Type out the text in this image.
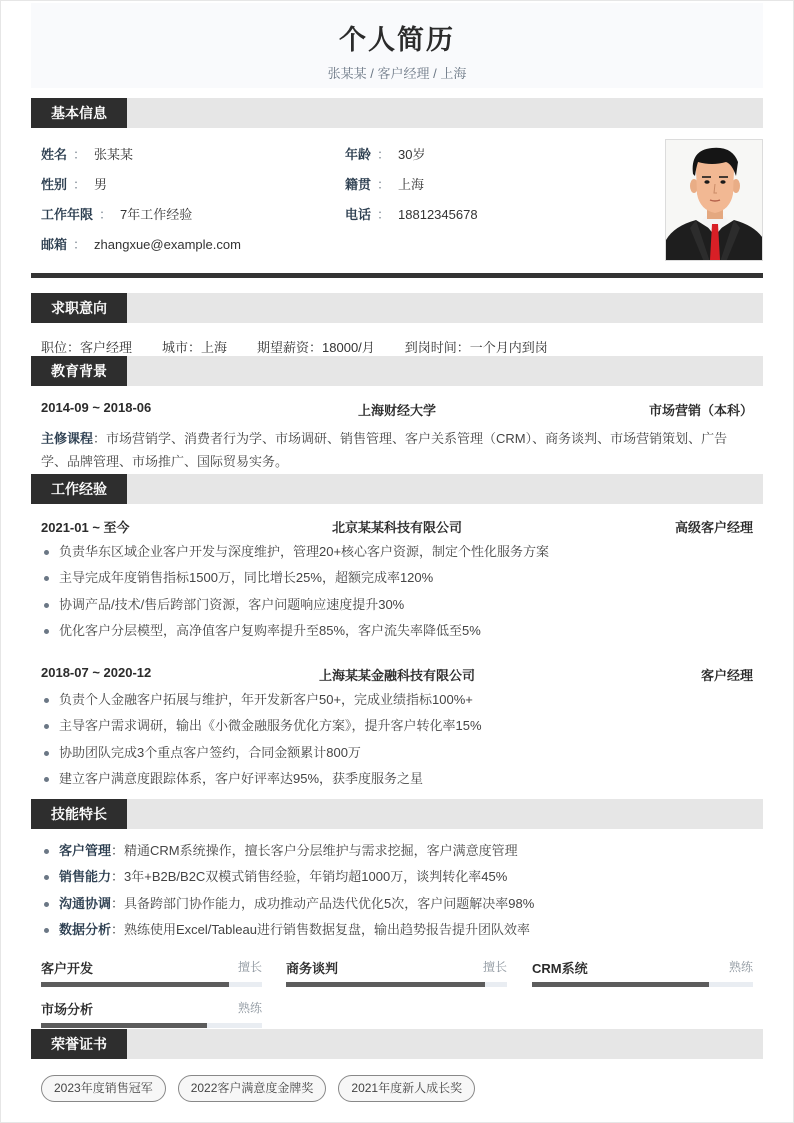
个人简历
张某某 / 客户经理 / 上海
基本信息
姓名 ： 张某某	年龄 ： 30岁
性别 ： 男	籍贯 ： 上海
工作年限 ： 7年工作经验	电话 ： 18812345678
邮箱 ： zhangxue@example.com
求职意向
职位：客户经理 城市：上海 期望薪资：18000/月 到岗时间：一个月内到岗
教育背景
2014-09 ~ 2018-06	上海财经大学	市场营销（本科）
主修课程：市场营销学、消费者行为学、市场调研、销售管理、客户关系管理（CRM）、商务谈判、市场营销策划、广告学、品牌管理、市场推广、国际贸易实务。
工作经验
2021-01 ~ 至今	北京某某科技有限公司	高级客户经理
负责华东区域企业客户开发与深度维护，管理20+核心客户资源，制定个性化服务方案
主导完成年度销售指标1500万，同比增长25%，超额完成率120%
协调产品/技术/售后跨部门资源，客户问题响应速度提升30%
优化客户分层模型，高净值客户复购率提升至85%，客户流失率降低至5%
2018-07 ~ 2020-12	上海某某金融科技有限公司	客户经理
负责个人金融客户拓展与维护，年开发新客户50+，完成业绩指标100%+
主导客户需求调研，输出《小微金融服务优化方案》，提升客户转化率15%
协助团队完成3个重点客户签约，合同金额累计800万
建立客户满意度跟踪体系，客户好评率达95%，获季度服务之星
技能特长
客户管理：精通CRM系统操作，擅长客户分层维护与需求挖掘，客户满意度管理
销售能力：3年+B2B/B2C双模式销售经验，年销均超1000万，谈判转化率45%
沟通协调：具备跨部门协作能力，成功推动产品迭代优化5次，客户问题解决率98%
数据分析：熟练使用Excel/Tableau进行销售数据复盘，输出趋势报告提升团队效率
客户开发	擅长 商务谈判	擅长 CRM系统	熟练
市场分析	熟练
荣誉证书
2023年度销售冠军	2022客户满意度金牌奖	2021年度新人成长奖
